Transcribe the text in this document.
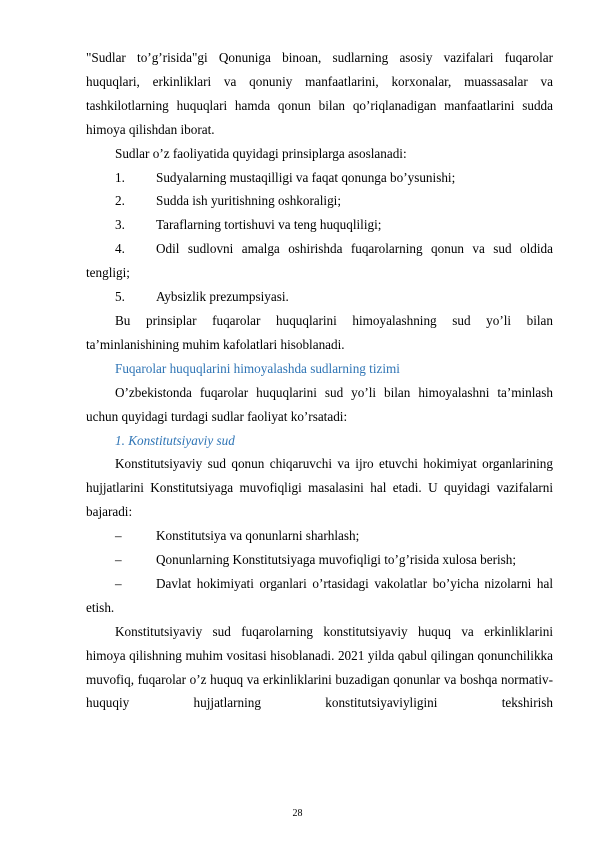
"Sudlar to’g’risida"gi Qonuniga binoan, sudlarning asosiy vazifalari fuqarolar huquqlari, erkinliklari va qonuniy manfaatlarini, korxonalar, muassasalar va tashkilotlarning huquqlari hamda qonun bilan qo’riqlanadigan manfaatlarini sudda himoya qilishdan iborat.

Sudlar o’z faoliyatida quyidagi prinsiplarga asoslanadi:

1.	Sudyalarning mustaqilligi va faqat qonunga bo’ysunishi;
2.	Sudda ish yuritishning oshkoraligi;
3.	Taraflarning tortishuvi va teng huquqliligi;

4. Odil sudlovni amalga oshirishda fuqarolarning qonun va sud oldida tengligi;

5.	Aybsizlik prezumpsiyasi.

Bu prinsiplar fuqarolar huquqlarini himoyalashning sud yo’li bilan ta’minlanishining muhim kafolatlari hisoblanadi.

Fuqarolar huquqlarini himoyalashda sudlarning tizimi

O’zbekistonda fuqarolar huquqlarini sud yo’li bilan himoyalashni ta’minlash uchun quyidagi turdagi sudlar faoliyat ko’rsatadi:

1. Konstitutsiyaviy sud

Konstitutsiyaviy sud qonun chiqaruvchi va ijro etuvchi hokimiyat organlarining hujjatlarini Konstitutsiyaga muvofiqligi masalasini hal etadi. U quyidagi vazifalarni bajaradi:

–	Konstitutsiya va qonunlarni sharhlash;
–	Qonunlarning Konstitutsiyaga muvofiqligi to’g’risida xulosa berish;

–	Davlat hokimiyati organlari o’rtasidagi vakolatlar bo’yicha nizolarni hal etish.

Konstitutsiyaviy sud fuqarolarning konstitutsiyaviy huquq va erkinliklarini himoya qilishning muhim vositasi hisoblanadi. 2021 yilda qabul qilingan qonunchilikka muvofiq, fuqarolar o’z huquq va erkinliklarini buzadigan qonunlar va boshqa normativ-huquqiy hujjatlarning konstitutsiyaviyligini tekshirish

28
